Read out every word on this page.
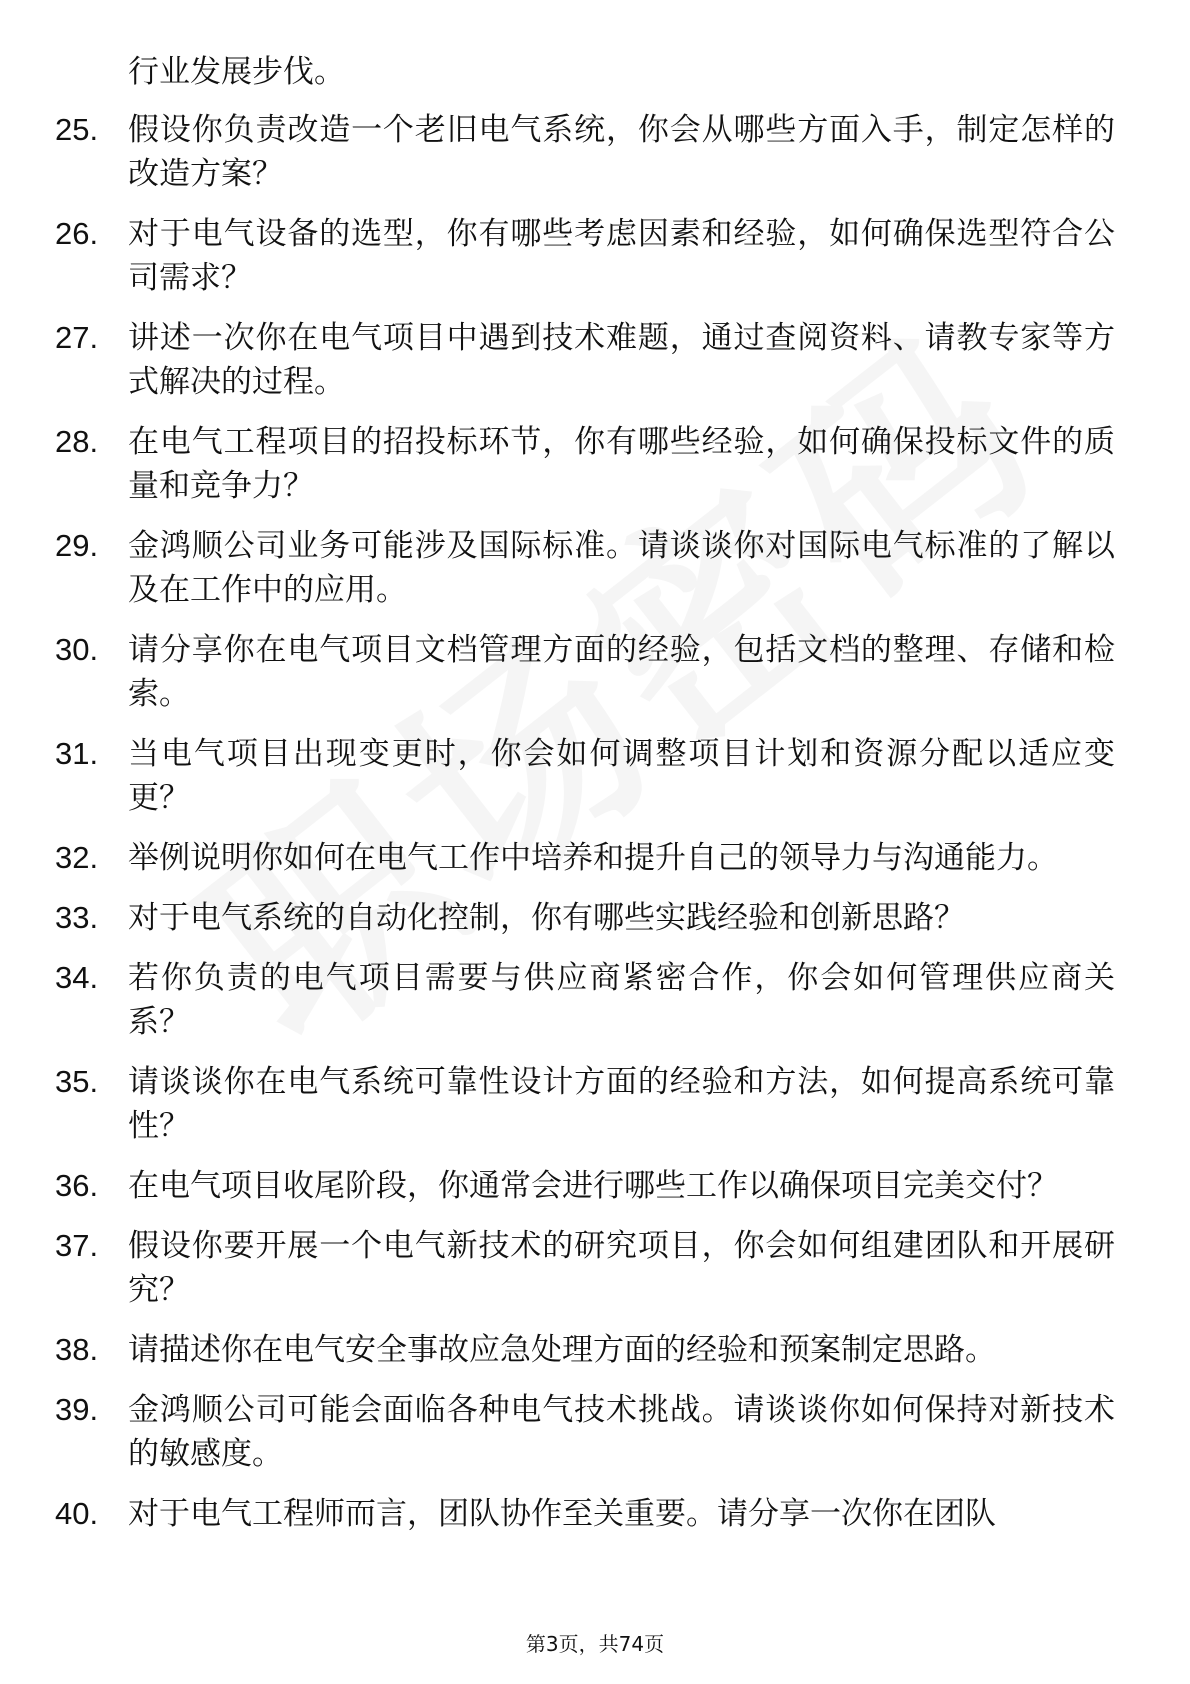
行业发展步伐。
25. 假设你负责改造一个老旧电气系统，你会从哪些方面入手，制定怎样的改造方案？
26. 对于电气设备的选型，你有哪些考虑因素和经验，如何确保选型符合公司需求？
27. 讲述一次你在电气项目中遇到技术难题，通过查阅资料、请教专家等方式解决的过程。
28. 在电气工程项目的招投标环节，你有哪些经验，如何确保投标文件的质量和竞争力？
29. 金鸿顺公司业务可能涉及国际标准。请谈谈你对国际电气标准的了解以及在工作中的应用。
30. 请分享你在电气项目文档管理方面的经验，包括文档的整理、存储和检索。
31. 当电气项目出现变更时，你会如何调整项目计划和资源分配以适应变更？
32. 举例说明你如何在电气工作中培养和提升自己的领导力与沟通能力。
33. 对于电气系统的自动化控制，你有哪些实践经验和创新思路？
34. 若你负责的电气项目需要与供应商紧密合作，你会如何管理供应商关系？
35. 请谈谈你在电气系统可靠性设计方面的经验和方法，如何提高系统可靠性？
36. 在电气项目收尾阶段，你通常会进行哪些工作以确保项目完美交付？
37. 假设你要开展一个电气新技术的研究项目，你会如何组建团队和开展研究？
38. 请描述你在电气安全事故应急处理方面的经验和预案制定思路。
39. 金鸿顺公司可能会面临各种电气技术挑战。请谈谈你如何保持对新技术的敏感度。
40. 对于电气工程师而言，团队协作至关重要。请分享一次你在团队
第3页，共74页
